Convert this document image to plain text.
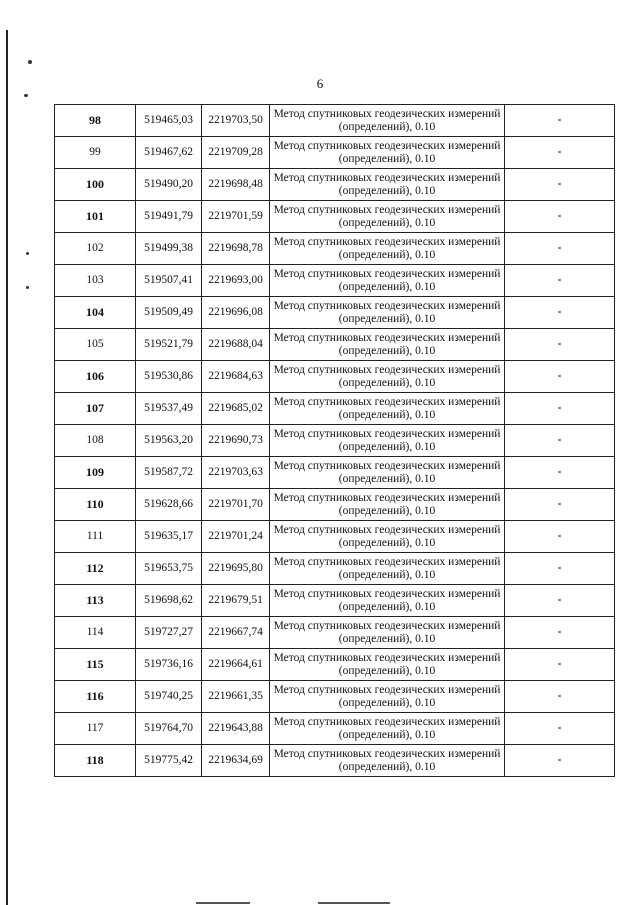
6
98	519465,03	2219703,50	Метод спутниковых геодезических измерений
(определений), 0.10	-
99	519467,62	2219709,28	Метод спутниковых геодезических измерений
(определений), 0.10	-
100	519490,20	2219698,48	Метод спутниковых геодезических измерений
(определений), 0.10	-
101	519491,79	2219701,59	Метод спутниковых геодезических измерений
(определений), 0.10	-
102	519499,38	2219698,78	Метод спутниковых геодезических измерений
(определений), 0.10	-
103	519507,41	2219693,00	Метод спутниковых геодезических измерений
(определений), 0.10	-
104	519509,49	2219696,08	Метод спутниковых геодезических измерений
(определений), 0.10	-
105	519521,79	2219688,04	Метод спутниковых геодезических измерений
(определений), 0.10	-
106	519530,86	2219684,63	Метод спутниковых геодезических измерений
(определений), 0.10	-
107	519537,49	2219685,02	Метод спутниковых геодезических измерений
(определений), 0.10	-
108	519563,20	2219690,73	Метод спутниковых геодезических измерений
(определений), 0.10	-
109	519587,72	2219703,63	Метод спутниковых геодезических измерений
(определений), 0.10	-
110	519628,66	2219701,70	Метод спутниковых геодезических измерений
(определений), 0.10	-
111	519635,17	2219701,24	Метод спутниковых геодезических измерений
(определений), 0.10	-
112	519653,75	2219695,80	Метод спутниковых геодезических измерений
(определений), 0.10	-
113	519698,62	2219679,51	Метод спутниковых геодезических измерений
(определений), 0.10	-
114	519727,27	2219667,74	Метод спутниковых геодезических измерений
(определений), 0.10	-
115	519736,16	2219664,61	Метод спутниковых геодезических измерений
(определений), 0.10	-
116	519740,25	2219661,35	Метод спутниковых геодезических измерений
(определений), 0.10	-
117	519764,70	2219643,88	Метод спутниковых геодезических измерений
(определений), 0.10	-
118	519775,42	2219634,69	Метод спутниковых геодезических измерений
(определений), 0.10	-
